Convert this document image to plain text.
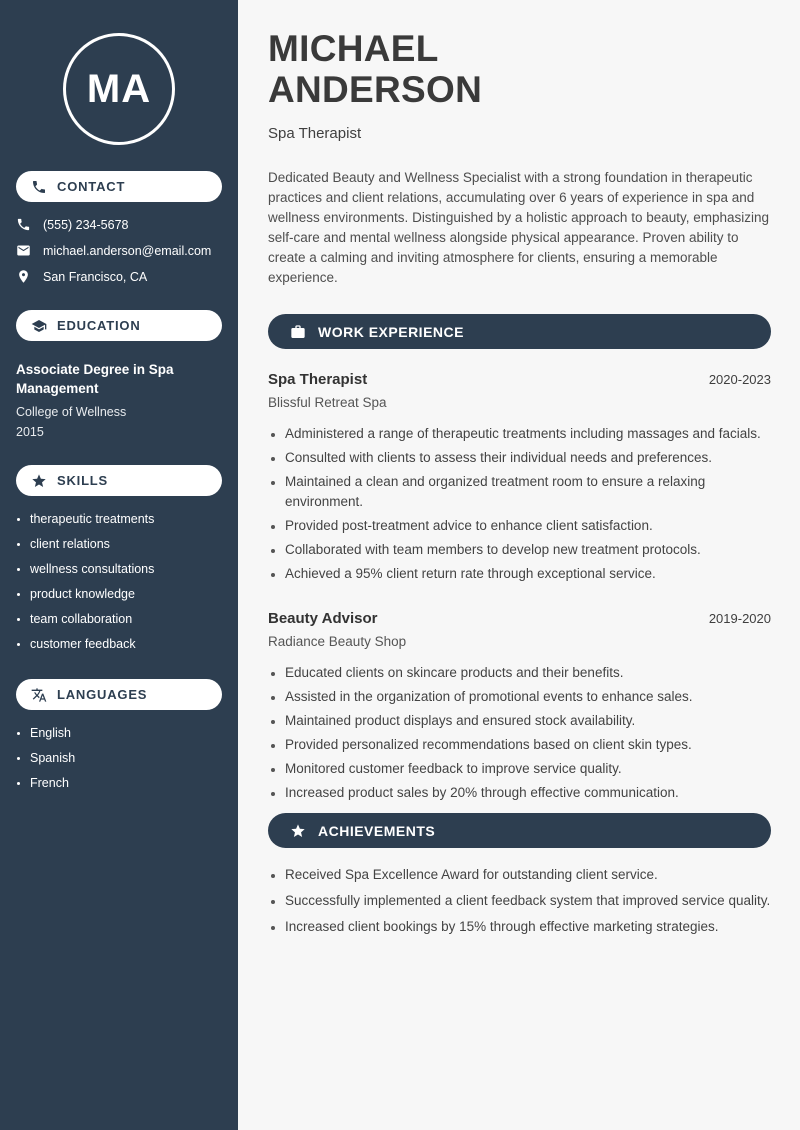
MA
CONTACT
(555) 234-5678
michael.anderson@email.com
San Francisco, CA
EDUCATION
Associate Degree in Spa Management
College of Wellness
2015
SKILLS
• therapeutic treatments
• client relations
• wellness consultations
• product knowledge
• team collaboration
• customer feedback
LANGUAGES
• English
• Spanish
• French
MICHAEL
ANDERSON
Spa Therapist

Dedicated Beauty and Wellness Specialist with a strong foundation in therapeutic practices and client relations, accumulating over 6 years of experience in spa and wellness environments. Distinguished by a holistic approach to beauty, emphasizing self-care and mental wellness alongside physical appearance. Proven ability to create a calming and inviting atmosphere for clients, ensuring a memorable experience.

WORK EXPERIENCE
Spa Therapist	2020-2023
Blissful Retreat Spa
• Administered a range of therapeutic treatments including massages and facials.
• Consulted with clients to assess their individual needs and preferences.
• Maintained a clean and organized treatment room to ensure a relaxing environment.
• Provided post-treatment advice to enhance client satisfaction.
• Collaborated with team members to develop new treatment protocols.
• Achieved a 95% client return rate through exceptional service.
Beauty Advisor	2019-2020
Radiance Beauty Shop
• Educated clients on skincare products and their benefits.
• Assisted in the organization of promotional events to enhance sales.
• Maintained product displays and ensured stock availability.
• Provided personalized recommendations based on client skin types.
• Monitored customer feedback to improve service quality.
• Increased product sales by 20% through effective communication.
ACHIEVEMENTS
• Received Spa Excellence Award for outstanding client service.
• Successfully implemented a client feedback system that improved service quality.
• Increased client bookings by 15% through effective marketing strategies.
